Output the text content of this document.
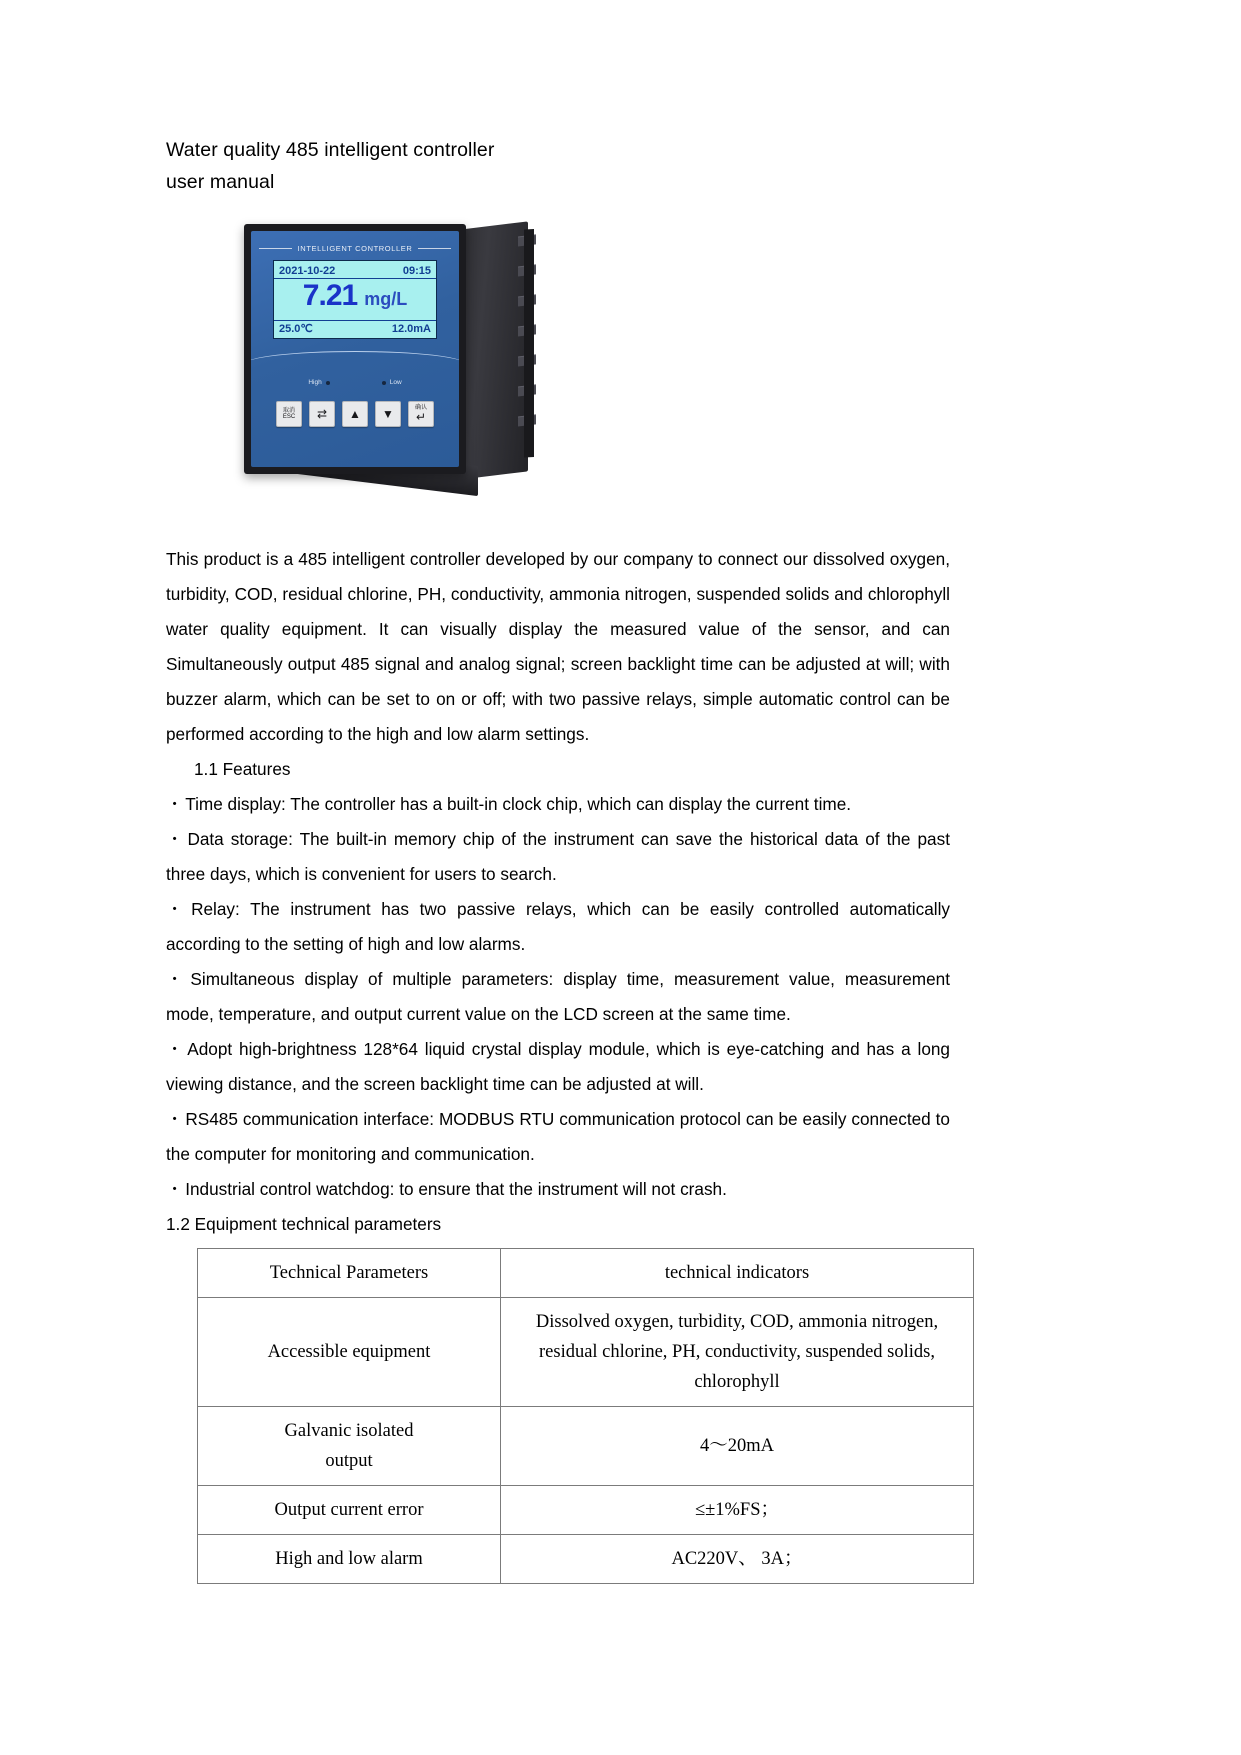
Water quality 485 intelligent controller
user manual
INTELLIGENT CONTROLLER
2021-10-22	09:15
7.21 mg/L
25.0℃	12.0mA
High	Low
取消
ESC ⇄ ▲ ▼	确认
↵

This product is a 485 intelligent controller developed by our company to connect our dissolved oxygen, turbidity, COD, residual chlorine, PH, conductivity, ammonia nitrogen, suspended solids and chlorophyll water quality equipment. It can visually display the measured value of the sensor, and can Simultaneously output 485 signal and analog signal; screen backlight time can be adjusted at will; with buzzer alarm, which can be set to on or off; with two passive relays, simple automatic control can be performed according to the high and low alarm settings.

1.1 Features

・Time display: The controller has a built-in clock chip, which can display the current time.

・Data storage: The built-in memory chip of the instrument can save the historical data of the past three days, which is convenient for users to search.

・Relay: The instrument has two passive relays, which can be easily controlled automatically according to the setting of high and low alarms.

・Simultaneous display of multiple parameters: display time, measurement value, measurement mode, temperature, and output current value on the LCD screen at the same time.

・Adopt high-brightness 128*64 liquid crystal display module, which is eye-catching and has a long viewing distance, and the screen backlight time can be adjusted at will.

・RS485 communication interface: MODBUS RTU communication protocol can be easily connected to the computer for monitoring and communication.

・Industrial control watchdog: to ensure that the instrument will not crash.

1.2 Equipment technical parameters

Technical Parameters	technical indicators
Accessible equipment	Dissolved oxygen, turbidity, COD, ammonia nitrogen,
residual chlorine, PH, conductivity, suspended solids,
chlorophyll

Galvanic isolated
output	4～20mA
Output current error	≤±1%FS；
High and low alarm	AC220V、 3A；
